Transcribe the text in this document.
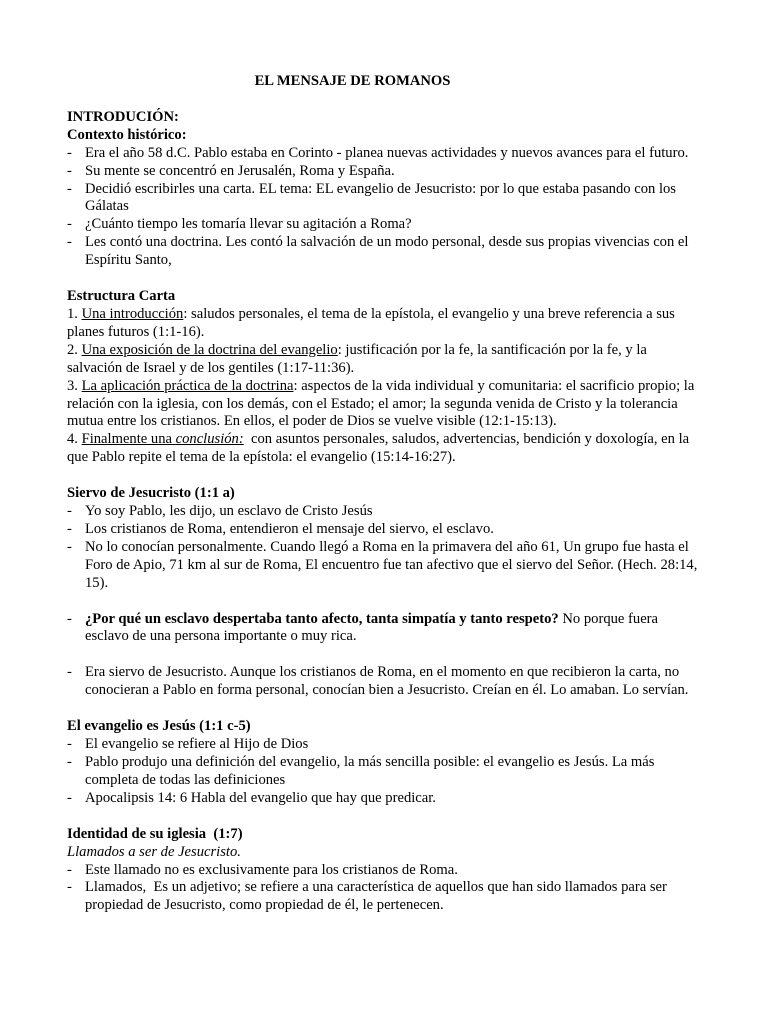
EL MENSAJE DE ROMANOS

INTRODUCIÓN:

Contexto histórico:

- Era el año 58 d.C. Pablo estaba en Corinto - planea nuevas actividades y nuevos avances para el futuro.
- Su mente se concentró en Jerusalén, Roma y España.
- Decidió escribirles una carta. EL tema: EL evangelio de Jesucristo: por lo que estaba pasando con los Gálatas
- ¿Cuánto tiempo les tomaría llevar su agitación a Roma?
- Les contó una doctrina. Les contó la salvación de un modo personal, desde sus propias vivencias con el Espíritu Santo,

Estructura Carta

1. Una introducción: saludos personales, el tema de la epístola, el evangelio y una breve referencia a sus planes futuros (1:1-16).

2. Una exposición de la doctrina del evangelio: justificación por la fe, la santificación por la fe, y la salvación de Israel y de los gentiles (1:17-11:36).

3. La aplicación práctica de la doctrina: aspectos de la vida individual y comunitaria: el sacrificio propio; la relación con la iglesia, con los demás, con el Estado; el amor; la segunda venida de Cristo y la tolerancia mutua entre los cristianos. En ellos, el poder de Dios se vuelve visible (12:1-15:13).

4. Finalmente una conclusión:  con asuntos personales, saludos, advertencias, bendición y doxología, en la que Pablo repite el tema de la epístola: el evangelio (15:14-16:27).

Siervo de Jesucristo (1:1 a)

- Yo soy Pablo, les dijo, un esclavo de Cristo Jesús
- Los cristianos de Roma, entendieron el mensaje del siervo, el esclavo.
- No lo conocían personalmente. Cuando llegó a Roma en la primavera del año 61, Un grupo fue hasta el Foro de Apio, 71 km al sur de Roma, El encuentro fue tan afectivo que el siervo del Señor. (Hech. 28:14, 15).
- ¿Por qué un esclavo despertaba tanto afecto, tanta simpatía y tanto respeto? No porque fuera esclavo de una persona importante o muy rica.
- Era siervo de Jesucristo. Aunque los cristianos de Roma, en el momento en que recibieron la carta, no conocieran a Pablo en forma personal, conocían bien a Jesucristo. Creían en él. Lo amaban. Lo servían.

El evangelio es Jesús (1:1 c-5)

- El evangelio se refiere al Hijo de Dios
- Pablo produjo una definición del evangelio, la más sencilla posible: el evangelio es Jesús. La más completa de todas las definiciones
- Apocalipsis 14: 6 Habla del evangelio que hay que predicar.

Identidad de su iglesia  (1:7)

Llamados a ser de Jesucristo.

- Este llamado no es exclusivamente para los cristianos de Roma.
- Llamados,  Es un adjetivo; se refiere a una característica de aquellos que han sido llamados para ser propiedad de Jesucristo, como propiedad de él, le pertenecen.
